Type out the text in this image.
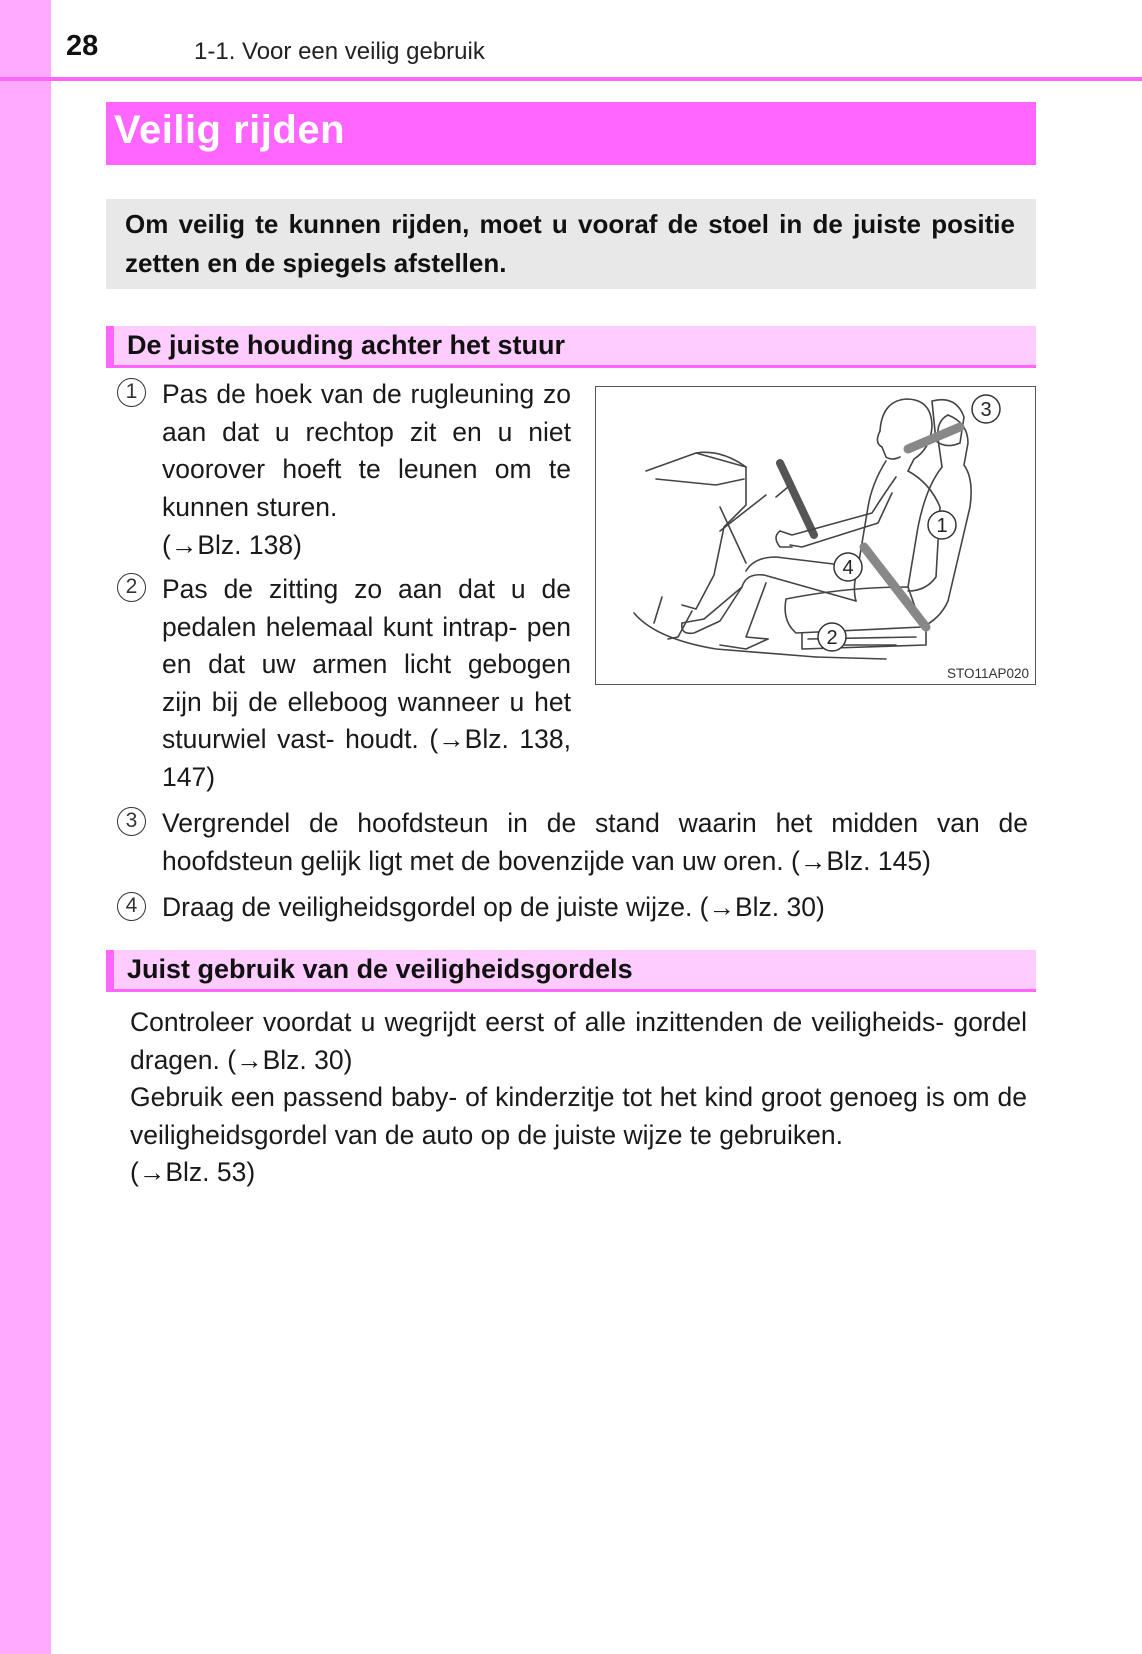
28	1-1. Voor een veilig gebruik
Veilig rijden
Om veilig te kunnen rijden, moet u vooraf de stoel in de juiste positie zetten en de spiegels afstellen.
De juiste houding achter het stuur
1 Pas de hoek van de rugleuning zo aan dat u rechtop zit en u niet voorover hoeft te leunen om te kunnen sturen.
(→Blz. 138)
2 Pas de zitting zo aan dat u de pedalen helemaal kunt intrap- pen en dat uw armen licht gebogen zijn bij de elleboog wanneer u het stuurwiel vast- houdt. (→Blz. 138, 147)
3 Vergrendel de hoofdsteun in de stand waarin het midden van de hoofdsteun gelijk ligt met de bovenzijde van uw oren. (→Blz. 145)
4 Draag de veiligheidsgordel op de juiste wijze. (→Blz. 30)
3
1
4
2
STO11AP020
Juist gebruik van de veiligheidsgordels
Controleer voordat u wegrijdt eerst of alle inzittenden de veiligheids- gordel dragen. (→Blz. 30)
Gebruik een passend baby- of kinderzitje tot het kind groot genoeg is om de veiligheidsgordel van de auto op de juiste wijze te gebruiken.
(→Blz. 53)
